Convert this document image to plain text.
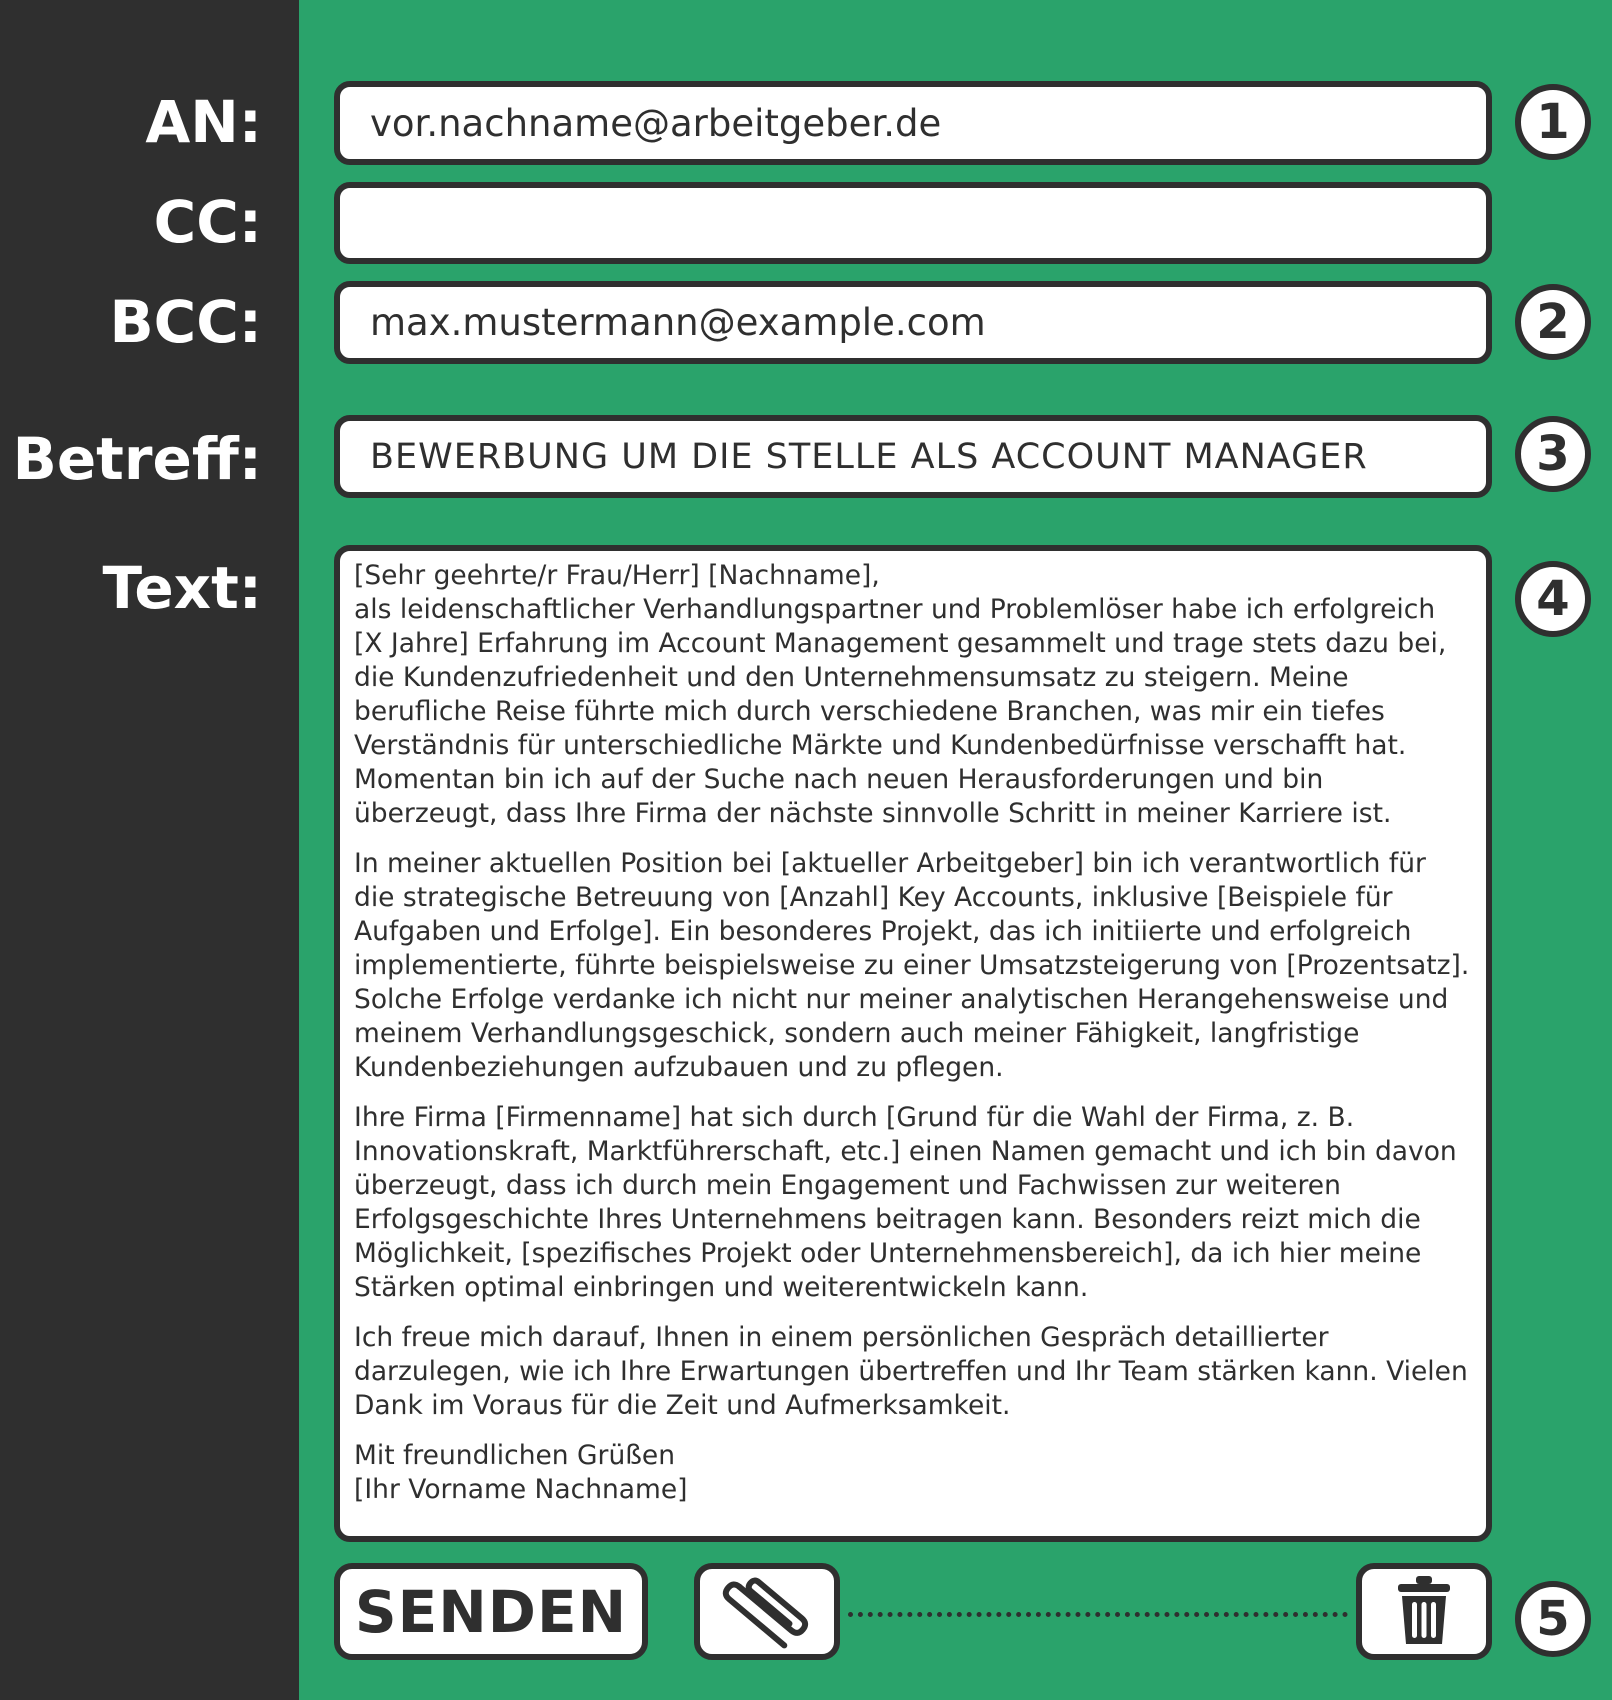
AN:
CC:
BCC:
Betreff:
Text:
vor.nachname@arbeitgeber.de
max.mustermann@example.com
BEWERBUNG UM DIE STELLE ALS ACCOUNT MANAGER

[Sehr geehrte/r Frau/Herr] [Nachname],
als leidenschaftlicher Verhandlungspartner und Problemlöser habe ich erfolgreich [X Jahre] Erfahrung im Account Management gesammelt und trage stets dazu bei, die Kundenzufriedenheit und den Unternehmensumsatz zu steigern. Meine berufliche Reise führte mich durch verschiedene Branchen, was mir ein tiefes Verständnis für unterschiedliche Märkte und Kundenbedürfnisse verschafft hat. Momentan bin ich auf der Suche nach neuen Herausforderungen und bin überzeugt, dass Ihre Firma der nächste sinnvolle Schritt in meiner Karriere ist.

In meiner aktuellen Position bei [aktueller Arbeitgeber] bin ich verantwortlich für die strategische Betreuung von [Anzahl] Key Accounts, inklusive [Beispiele für Aufgaben und Erfolge]. Ein besonderes Projekt, das ich initiierte und erfolgreich implementierte, führte beispielsweise zu einer Umsatzsteigerung von [Prozentsatz]. Solche Erfolge verdanke ich nicht nur meiner analytischen Herangehensweise und meinem Verhandlungsgeschick, sondern auch meiner Fähigkeit, langfristige Kundenbeziehungen aufzubauen und zu pflegen.

Ihre Firma [Firmenname] hat sich durch [Grund für die Wahl der Firma, z. B. Innovationskraft, Marktführerschaft, etc.] einen Namen gemacht und ich bin davon überzeugt, dass ich durch mein Engagement und Fachwissen zur weiteren Erfolgsgeschichte Ihres Unternehmens beitragen kann. Besonders reizt mich die Möglichkeit, [spezifisches Projekt oder Unternehmensbereich], da ich hier meine Stärken optimal einbringen und weiterentwickeln kann.

Ich freue mich darauf, Ihnen in einem persönlichen Gespräch detaillierter darzulegen, wie ich Ihre Erwartungen übertreffen und Ihr Team stärken kann. Vielen Dank im Voraus für die Zeit und Aufmerksamkeit.

Mit freundlichen Grüßen
[Ihr Vorname Nachname]

1
2
3
4
5
SENDEN
